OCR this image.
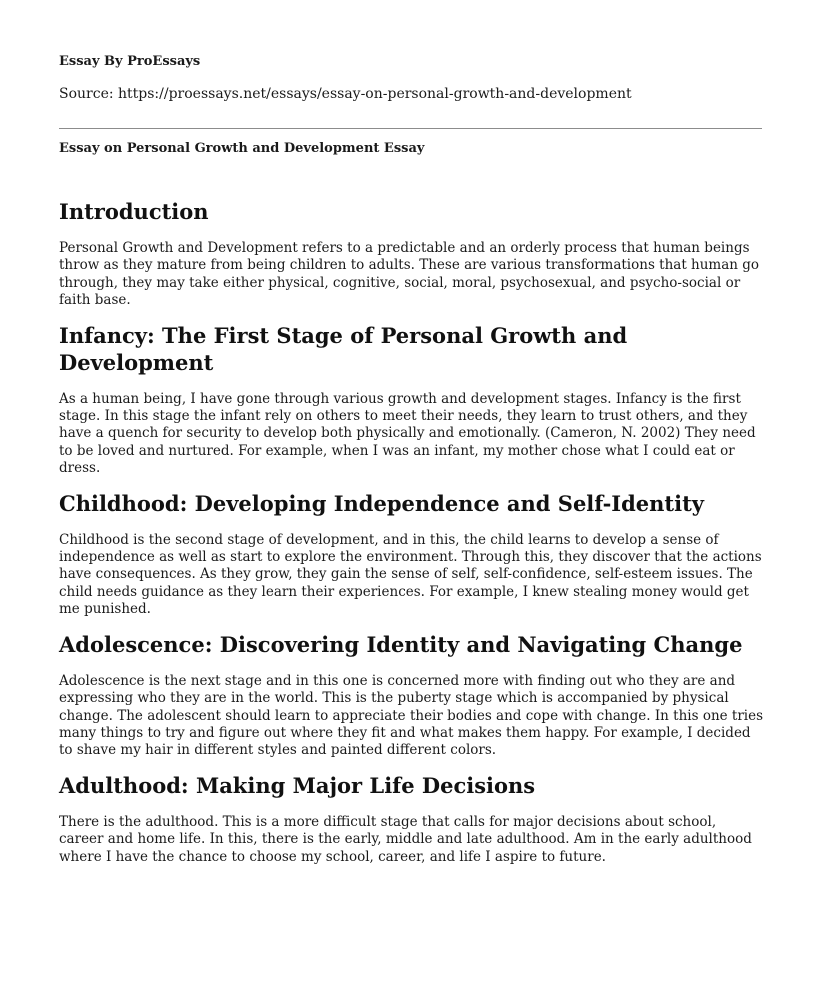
Essay By ProEssays

Source: https://proessays.net/essays/essay-on-personal-growth-and-development

Essay on Personal Growth and Development Essay

Introduction

Personal Growth and Development refers to a predictable and an orderly process that human beings throw as they mature from being children to adults. These are various transformations that human go through, they may take either physical, cognitive, social, moral, psychosexual, and psycho-social or faith base.

Infancy: The First Stage of Personal Growth and Development

As a human being, I have gone through various growth and development stages. Infancy is the first stage. In this stage the infant rely on others to meet their needs, they learn to trust others, and they have a quench for security to develop both physically and emotionally. (Cameron, N. 2002) They need to be loved and nurtured. For example, when I was an infant, my mother chose what I could eat or dress.

Childhood: Developing Independence and Self-Identity

Childhood is the second stage of development, and in this, the child learns to develop a sense of independence as well as start to explore the environment. Through this, they discover that the actions have consequences. As they grow, they gain the sense of self, self-confidence, self-esteem issues. The child needs guidance as they learn their experiences. For example, I knew stealing money would get me punished.

Adolescence: Discovering Identity and Navigating Change

Adolescence is the next stage and in this one is concerned more with finding out who they are and expressing who they are in the world. This is the puberty stage which is accompanied by physical change. The adolescent should learn to appreciate their bodies and cope with change. In this one tries many things to try and figure out where they fit and what makes them happy. For example, I decided to shave my hair in different styles and painted different colors.

Adulthood: Making Major Life Decisions

There is the adulthood. This is a more difficult stage that calls for major decisions about school, career and home life. In this, there is the early, middle and late adulthood. Am in the early adulthood where I have the chance to choose my school, career, and life I aspire to future.
